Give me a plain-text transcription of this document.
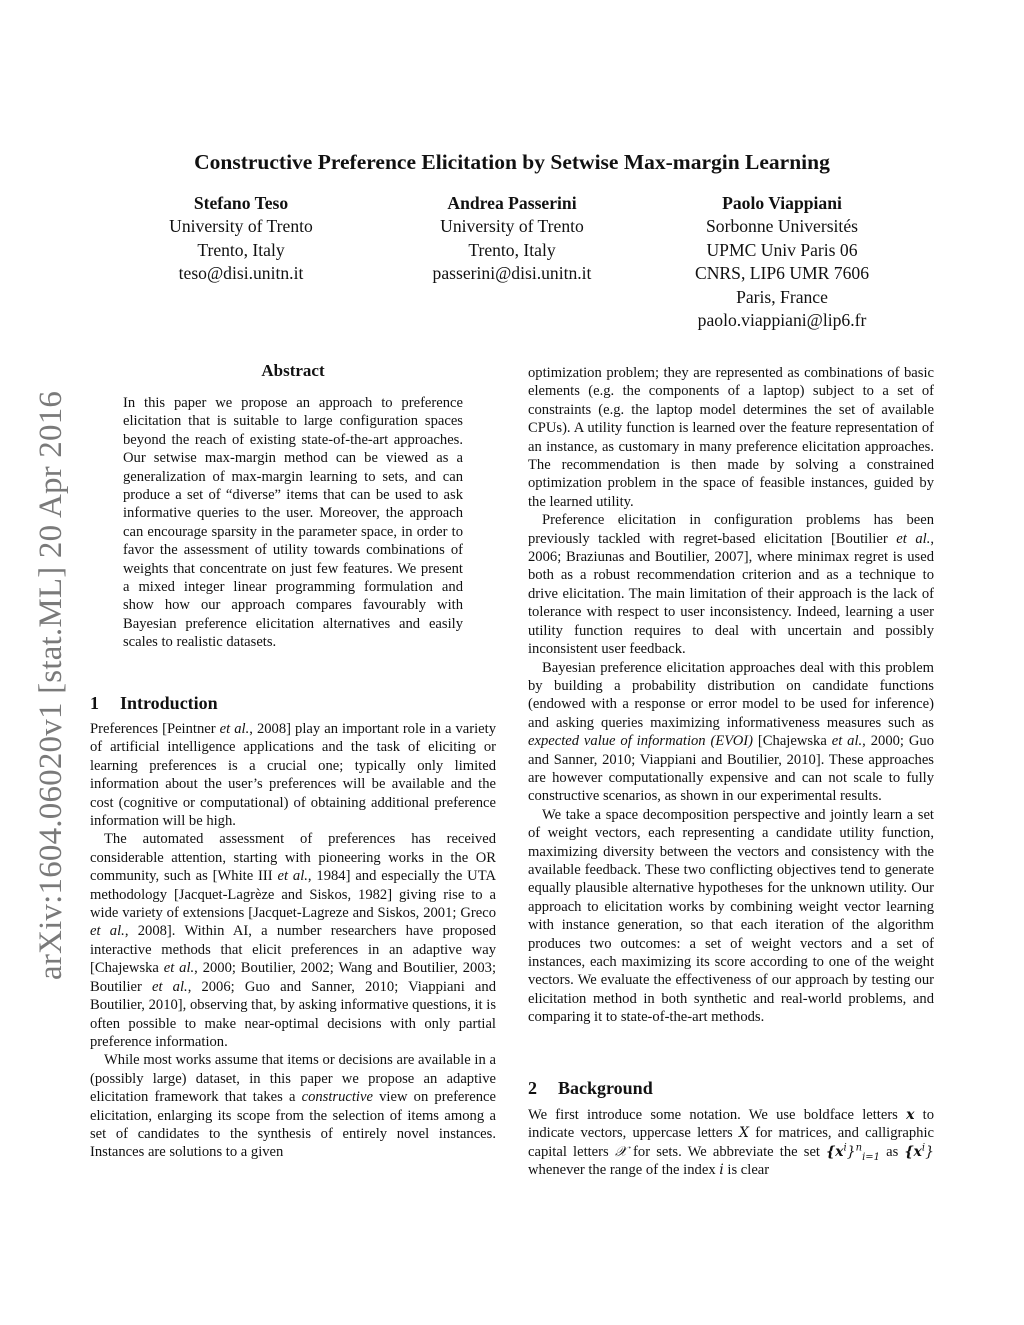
arXiv:1604.06020v1 [stat.ML] 20 Apr 2016
Constructive Preference Elicitation by Setwise Max-margin Learning
Stefano Teso
University of Trento
Trento, Italy
teso@disi.unitn.it
Andrea Passerini
University of Trento
Trento, Italy
passerini@disi.unitn.it
Paolo Viappiani
Sorbonne Universités
UPMC Univ Paris 06
CNRS, LIP6 UMR 7606
Paris, France
paolo.viappiani@lip6.fr
Abstract
In this paper we propose an approach to preference elicitation that is suitable to large configuration spaces beyond the reach of existing state-of-the-art approaches. Our setwise max-margin method can be viewed as a generalization of max-margin learning to sets, and can produce a set of “diverse” items that can be used to ask informative queries to the user. Moreover, the approach can encourage sparsity in the parameter space, in order to favor the assessment of utility towards combinations of weights that concentrate on just few features. We present a mixed integer linear programming formulation and show how our approach compares favourably with Bayesian preference elicitation alternatives and easily scales to realistic datasets.
1 Introduction

Preferences [Peintner et al., 2008] play an important role in a variety of artificial intelligence applications and the task of eliciting or learning preferences is a crucial one; typically only limited information about the user’s preferences will be available and the cost (cognitive or computational) of obtaining additional preference information will be high.

The automated assessment of preferences has received considerable attention, starting with pioneering works in the OR community, such as [White III et al., 1984] and especially the UTA methodology [Jacquet-Lagrèze and Siskos, 1982] giving rise to a wide variety of extensions [Jacquet-Lagreze and Siskos, 2001; Greco et al., 2008]. Within AI, a number researchers have proposed interactive methods that elicit preferences in an adaptive way [Chajewska et al., 2000; Boutilier, 2002; Wang and Boutilier, 2003; Boutilier et al., 2006; Guo and Sanner, 2010; Viappiani and Boutilier, 2010], observing that, by asking informative questions, it is often possible to make near-optimal decisions with only partial preference information.

While most works assume that items or decisions are available in a (possibly large) dataset, in this paper we propose an adaptive elicitation framework that takes a constructive view on preference elicitation, enlarging its scope from the selection of items among a set of candidates to the synthesis of entirely novel instances. Instances are solutions to a given

optimization problem; they are represented as combinations of basic elements (e.g. the components of a laptop) subject to a set of constraints (e.g. the laptop model determines the set of available CPUs). A utility function is learned over the feature representation of an instance, as customary in many preference elicitation approaches. The recommendation is then made by solving a constrained optimization problem in the space of feasible instances, guided by the learned utility.

Preference elicitation in configuration problems has been previously tackled with regret-based elicitation [Boutilier et al., 2006; Braziunas and Boutilier, 2007], where minimax regret is used both as a robust recommendation criterion and as a technique to drive elicitation. The main limitation of their approach is the lack of tolerance with respect to user inconsistency. Indeed, learning a user utility function requires to deal with uncertain and possibly inconsistent user feedback.

Bayesian preference elicitation approaches deal with this problem by building a probability distribution on candidate functions (endowed with a response or error model to be used for inference) and asking queries maximizing informativeness measures such as expected value of information (EVOI) [Chajewska et al., 2000; Guo and Sanner, 2010; Viappiani and Boutilier, 2010]. These approaches are however computationally expensive and can not scale to fully constructive scenarios, as shown in our experimental results.

We take a space decomposition perspective and jointly learn a set of weight vectors, each representing a candidate utility function, maximizing diversity between the vectors and consistency with the available feedback. These two conflicting objectives tend to generate equally plausible alternative hypotheses for the unknown utility. Our approach to elicitation works by combining weight vector learning with instance generation, so that each iteration of the algorithm produces two outcomes: a set of weight vectors and a set of instances, each maximizing its score according to one of the weight vectors. We evaluate the effectiveness of our approach by testing our elicitation method in both synthetic and real-world problems, and comparing it to state-of-the-art methods.

2 Background

We first introduce some notation. We use boldface letters x to indicate vectors, uppercase letters X for matrices, and calligraphic capital letters 𝒳 for sets. We abbreviate the set $\{x^i\}^n_{i=1}$ as $\{x^i\}$ whenever the range of the index i is clear
